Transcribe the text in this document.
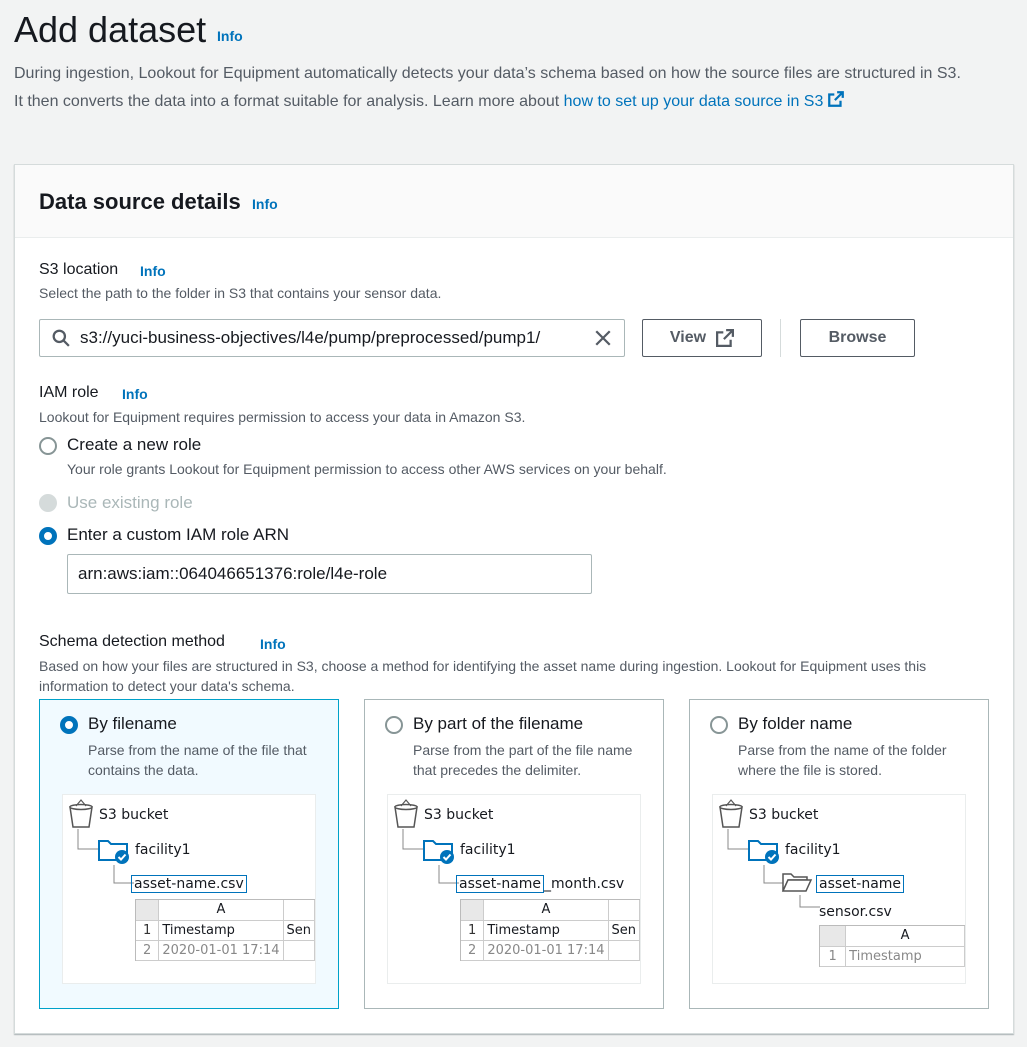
Add dataset Info

During ingestion, Lookout for Equipment automatically detects your data’s schema based on how the source files are structured in S3. It then converts the data into a format suitable for analysis. Learn more about how to set up your data source in S3

Data source details Info
S3 location Info
Select the path to the folder in S3 that contains your sensor data.
s3://yuci-business-objectives/l4e/pump/preprocessed/pump1/	View	Browse
IAM role Info
Lookout for Equipment requires permission to access your data in Amazon S3.
Create a new role
Your role grants Lookout for Equipment permission to access other AWS services on your behalf.
Use existing role
Enter a custom IAM role ARN
arn:aws:iam::064046651376:role/l4e-role
Schema detection method	Info
Based on how your files are structured in S3, choose a method for identifying the asset name during ingestion. Lookout for Equipment uses this information to detect your data's schema.
By filename
Parse from the name of the file that contains the data.
S3 bucket
facility1
asset-name.csv
	A	
1	Timestamp	Sen
2	2020-01-01 17:14	
By part of the filename
Parse from the part of the file name that precedes the delimiter.
S3 bucket
facility1
asset-name _month.csv
	A	
1	Timestamp	Sen
2	2020-01-01 17:14	
By folder name
Parse from the name of the folder where the file is stored.
S3 bucket
facility1
asset-name
sensor.csv
	A
1	Timestamp
